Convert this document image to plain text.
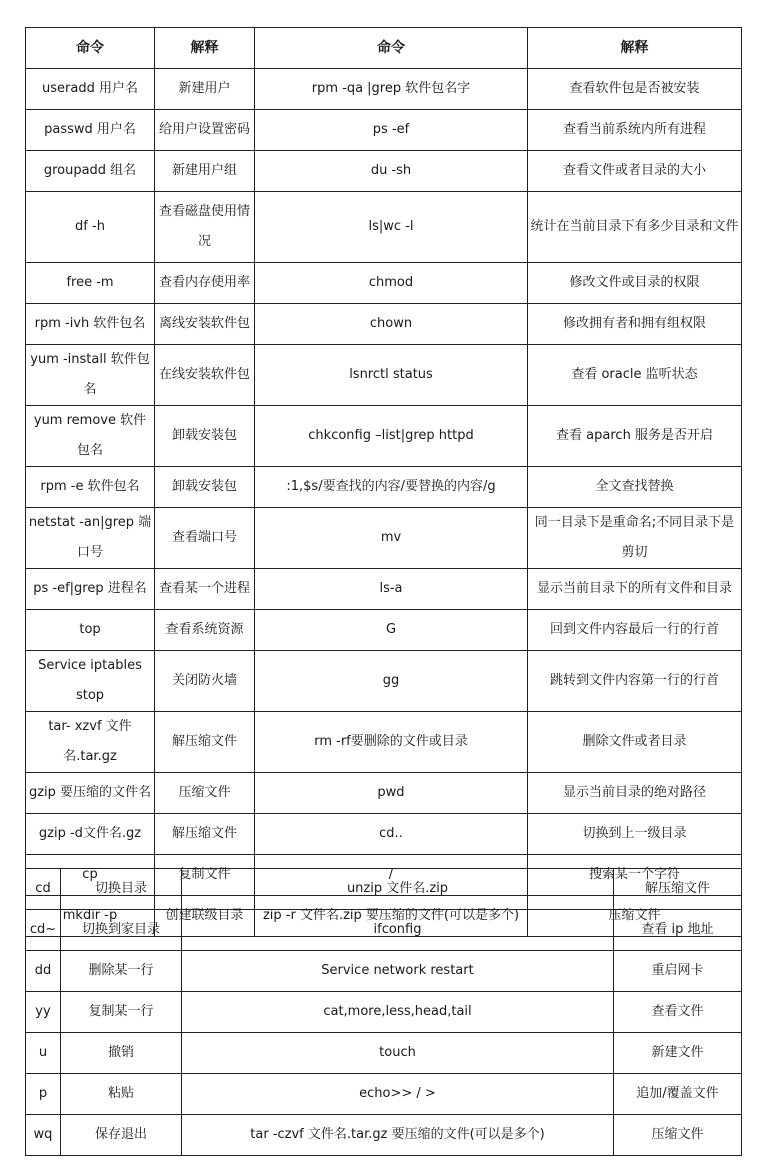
命令	解释	命令	解释
useradd 用户名	新建用户	rpm -qa |grep 软件包名字	查看软件包是否被安装
passwd 用户名	给用户设置密码	ps -ef	查看当前系统内所有进程
groupadd 组名	新建用户组	du -sh	查看文件或者目录的大小
df -h	查看磁盘使用情况	ls|wc -l	统计在当前目录下有多少目录和文件
free -m	查看内存使用率	chmod	修改文件或目录的权限
rpm -ivh 软件包名	离线安装软件包	chown	修改拥有者和拥有组权限
yum -install 软件包名	在线安装软件包	lsnrctl status	查看 oracle 监听状态
yum remove 软件包名	卸载安装包	chkconfig –list|grep httpd	查看 aparch 服务是否开启
rpm -e 软件包名	卸载安装包	:1,$s/要查找的内容/要替换的内容/g	全文查找替换
netstat -an|grep 端口号	查看端口号	mv	同一目录下是重命名;不同目录下是剪切
ps -ef|grep 进程名	查看某一个进程	ls-a	显示当前目录下的所有文件和目录
top	查看系统资源	G	回到文件内容最后一行的行首
Service iptables stop	关闭防火墙	gg	跳转到文件内容第一行的行首
tar- xzvf 文件名.tar.gz	解压缩文件	rm -rf要删除的文件或目录	删除文件或者目录
gzip 要压缩的文件名	压缩文件	pwd	显示当前目录的绝对路径
gzip -d文件名.gz	解压缩文件	cd..	切换到上一级目录
cp	复制文件	/	搜索某一个字符
mkdir -p	创建联级目录	zip -r 文件名.zip 要压缩的文件(可以是多个)	压缩文件
cd	切换目录	unzip 文件名.zip	解压缩文件
cd~	切换到家目录	ifconfig	查看 ip 地址
dd	删除某一行	Service network restart	重启网卡
yy	复制某一行	cat,more,less,head,tail	查看文件
u	撤销	touch	新建文件
p	粘贴	echo>> / >	追加/覆盖文件
wq	保存退出	tar -czvf 文件名.tar.gz 要压缩的文件(可以是多个)	压缩文件
